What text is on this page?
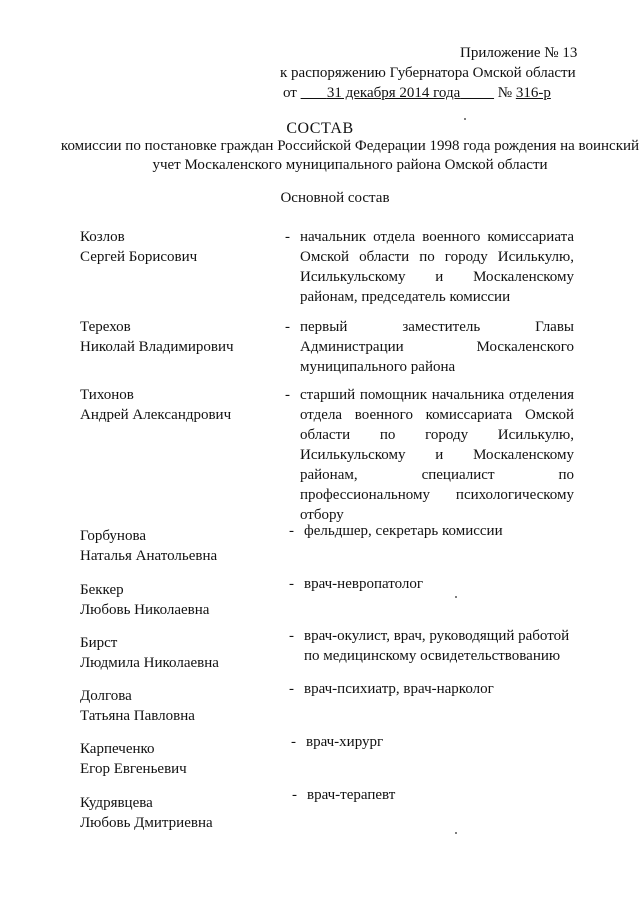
Приложение № 13
к распоряжению Губернатора Омской области
от 31 декабря 2014 года	№ 316-р
СОСТАВ
комиссии по постановке граждан Российской Федерации 1998 года рождения на воинский учет Москаленского муниципального района Омской области
Основной состав
Козлов
Сергей Борисович
- начальник отдела военного комиссариата Омской области по городу Исилькулю, Исилькульскому и Москаленскому районам, председатель комиссии
Терехов
Николай Владимирович
- первый заместитель Главы Администрации Москаленского муниципального района
Тихонов
Андрей Александрович
- старший помощник начальника отделения отдела военного комиссариата Омской области по городу Исилькулю, Исилькульскому и Москаленскому районам, специалист по профессиональному психологическому отбору
Горбунова
Наталья Анатольевна
- фельдшер, секретарь комиссии
Беккер
Любовь Николаевна
- врач-невропатолог
Бирст
Людмила Николаевна
- врач-окулист, врач, руководящий работой по медицинскому освидетельствованию
Долгова
Татьяна Павловна
- врач-психиатр, врач-нарколог
Карпеченко
Егор Евгеньевич
- врач-хирург
Кудрявцева
Любовь Дмитриевна
- врач-терапевт
